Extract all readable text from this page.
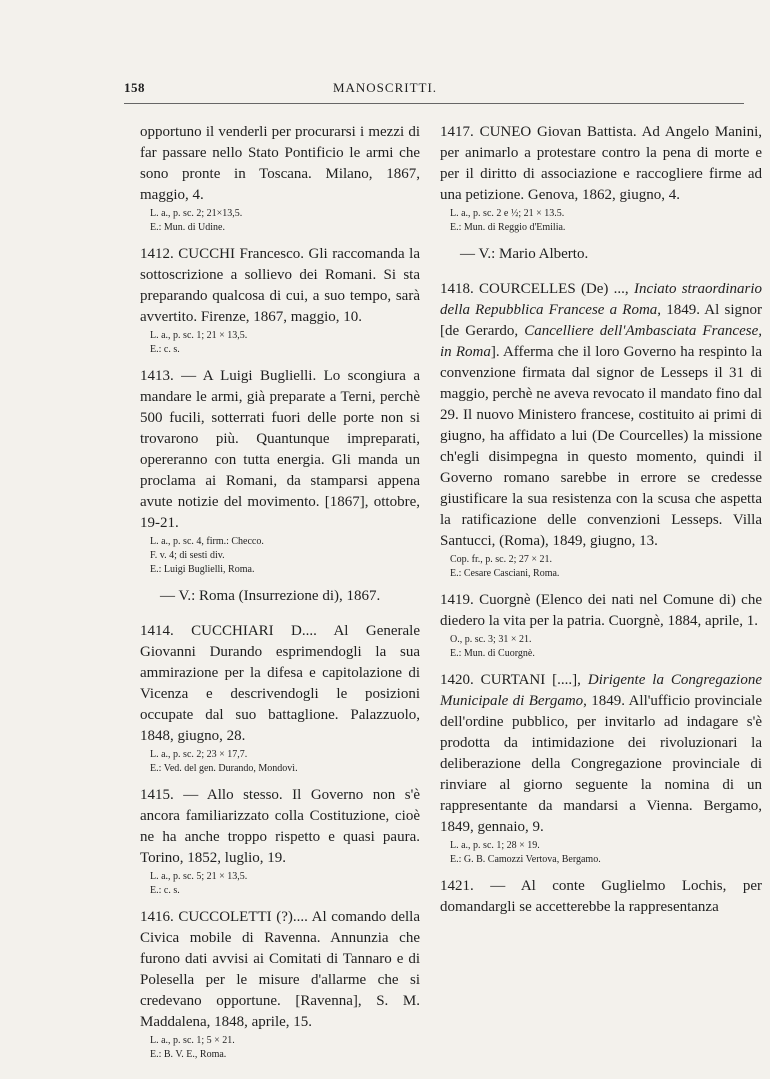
158	MANOSCRITTI.
opportuno il venderli per procurarsi i mezzi di far passare nello Stato Pontificio le armi che sono pronte in Toscana. Milano, 1867, maggio, 4.
L. a., p. sc. 2; 21×13,5.
E.: Mun. di Udine.
1412. CUCCHI Francesco. Gli raccomanda la sottoscrizione a sollievo dei Romani. Si sta preparando qualcosa di cui, a suo tempo, sarà avvertito. Firenze, 1867, maggio, 10.
L. a., p. sc. 1; 21 × 13,5.
E.: c. s.
1413. — A Luigi Buglielli. Lo scongiura a mandare le armi, già preparate a Terni, perchè 500 fucili, sotterrati fuori delle porte non si trovarono più. Quantunque impreparati, opereranno con tutta energia. Gli manda un proclama ai Romani, da stamparsi appena avute notizie del movimento. [1867], ottobre, 19-21.
L. a., p. sc. 4, firm.: Checco.
F. v. 4; di sesti div.
E.: Luigi Buglielli, Roma.
— V.: Roma (Insurrezione di), 1867.
1414. CUCCHIARI D.... Al Generale Giovanni Durando esprimendogli la sua ammirazione per la difesa e capitolazione di Vicenza e descrivendogli le posizioni occupate dal suo battaglione. Palazzuolo, 1848, giugno, 28.
L. a., p. sc. 2; 23 × 17,7.
E.: Ved. del gen. Durando, Mondovì.
1415. — Allo stesso. Il Governo non s'è ancora familiarizzato colla Costituzione, cioè ne ha anche troppo rispetto e quasi paura. Torino, 1852, luglio, 19.
L. a., p. sc. 5; 21 × 13,5.
E.: c. s.
1416. CUCCOLETTI (?).... Al comando della Civica mobile di Ravenna. Annunzia che furono dati avvisi ai Comitati di Tannaro e di Polesella per le misure d'allarme che si credevano opportune. [Ravenna], S. M. Maddalena, 1848, aprile, 15.
L. a., p. sc. 1; 5 × 21.
E.: B. V. E., Roma.
1417. CUNEO Giovan Battista. Ad Angelo Manini, per animarlo a protestare contro la pena di morte e per il diritto di associazione e raccogliere firme ad una petizione. Genova, 1862, giugno, 4.
L. a., p. sc. 2 e ½; 21 × 13.5.
E.: Mun. di Reggio d'Emilia.
— V.: Mario Alberto.
1418. COURCELLES (De) ..., Inciato straordinario della Repubblica Francese a Roma, 1849. Al signor [de Gerardo, Cancelliere dell'Ambasciata Francese, in Roma]. Afferma che il loro Governo ha respinto la convenzione firmata dal signor de Lesseps il 31 di maggio, perchè ne aveva revocato il mandato fino dal 29. Il nuovo Ministero francese, costituito ai primi di giugno, ha affidato a lui (De Courcelles) la missione ch'egli disimpegna in questo momento, quindi il Governo romano sarebbe in errore se credesse giustificare la sua resistenza con la scusa che aspetta la ratificazione delle convenzioni Lesseps. Villa Santucci, (Roma), 1849, giugno, 13.
Cop. fr., p. sc. 2; 27 × 21.
E.: Cesare Casciani, Roma.
1419. Cuorgnè (Elenco dei nati nel Comune di) che diedero la vita per la patria. Cuorgnè, 1884, aprile, 1.
O., p. sc. 3; 31 × 21.
E.: Mun. di Cuorgnè.
1420. CURTANI [....], Dirigente la Congregazione Municipale di Bergamo, 1849. All'ufficio provinciale dell'ordine pubblico, per invitarlo ad indagare s'è prodotta da intimidazione dei rivoluzionari la deliberazione della Congregazione provinciale di rinviare al giorno seguente la nomina di un rappresentante da mandarsi a Vienna. Bergamo, 1849, gennaio, 9.
L. a., p. sc. 1; 28 × 19.
E.: G. B. Camozzi Vertova, Bergamo.
1421. — Al conte Guglielmo Lochis, per domandargli se accetterebbe la rappresentanza
